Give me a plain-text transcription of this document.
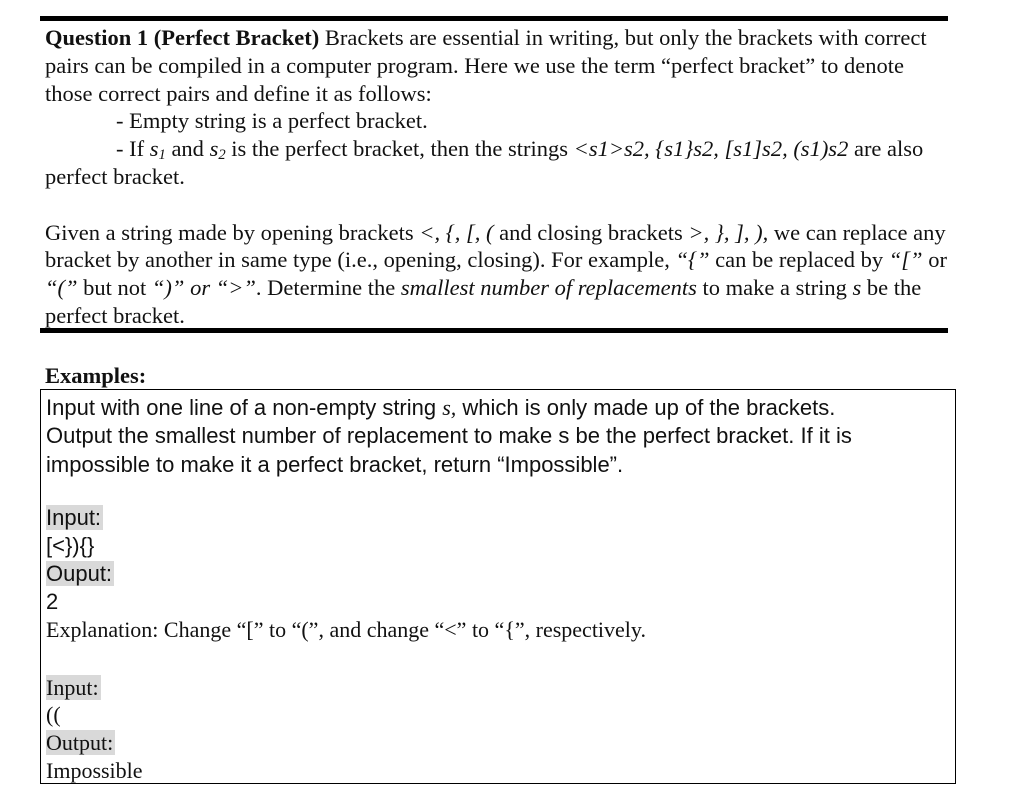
Question 1 (Perfect Bracket) Brackets are essential in writing, but only the brackets with correct pairs can be compiled in a computer program. Here we use the term “perfect bracket” to denote those correct pairs and define it as follows:

- Empty string is a perfect bracket.

- If $s_1$ and $s_2$ is the perfect bracket, then the strings <s1>s2, {s1}s2, [s1]s2, (s1)s2 are also perfect bracket.

Given a string made by opening brackets <, {, [, ( and closing brackets >, }, ], ), we can replace any bracket by another in same type (i.e., opening, closing). For example, “{” can be replaced by “[” or “(” but not “)” or “>”. Determine the smallest number of replacements to make a string s be the perfect bracket.

Examples:
Input with one line of a non-empty string s, which is only made up of the brackets.
Output the smallest number of replacement to make s be the perfect bracket. If it is
impossible to make it a perfect bracket, return “Impossible”.
Input:
[<}){}
Ouput:
2
Explanation: Change “[” to “(”, and change “<” to “{”, respectively.
Input:
((
Output:
Impossible
